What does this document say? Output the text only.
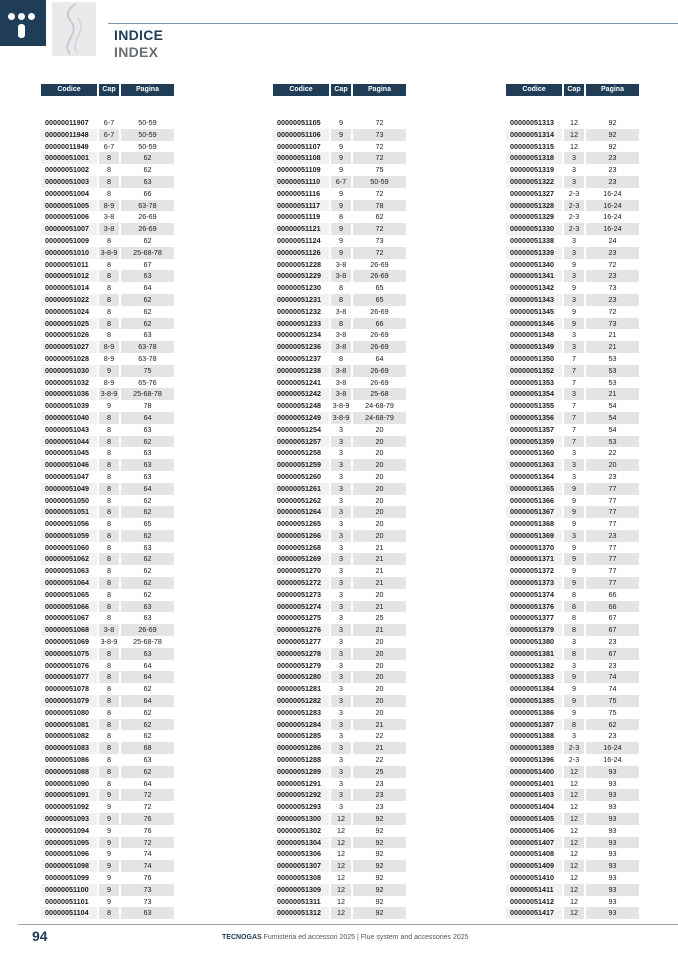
INDICE
INDEX
Codice	Cap	Pagina
00000011907	6-7	50-59
00000011948	6-7	50-59
00000011949	6-7	50-59
00000051001	8	62
00000051002	8	62
00000051003	8	63
00000051004	8	66
00000051005	8-9	63-78
00000051006	3-8	26-69
00000051007	3-8	26-69
00000051009	8	62
00000051010	3-8-9	25-68-78
00000051011	8	67
00000051012	8	63
00000051014	8	64
00000051022	8	62
00000051024	8	62
00000051025	8	62
00000051026	8	63
00000051027	8-9	63-78
00000051028	8-9	63-78
00000051030	9	75
00000051032	8-9	65-76
00000051036	3-8-9	25-68-78
00000051039	9	78
00000051040	8	64
00000051043	8	63
00000051044	8	62
00000051045	8	63
00000051046	8	63
00000051047	8	63
00000051049	8	64
00000051050	8	62
00000051051	8	62
00000051056	8	65
00000051059	8	62
00000051060	8	63
00000051062	8	62
00000051063	8	62
00000051064	8	62
00000051065	8	62
00000051066	8	63
00000051067	8	63
00000051068	3-8	26-69
00000051069	3-8-9	25-68-78
00000051075	8	63
00000051076	8	64
00000051077	8	64
00000051078	8	62
00000051079	8	64
00000051080	8	62
00000051081	8	62
00000051082	8	62
00000051083	8	68
00000051086	8	63
00000051088	8	62
00000051090	8	64
00000051091	9	72
00000051092	9	72
00000051093	9	76
00000051094	9	76
00000051095	9	72
00000051096	9	74
00000051098	9	74
00000051099	9	76
00000051100	9	73
00000051101	9	73
00000051104	8	63
Codice	Cap	Pagina
00000051105	9	72
00000051106	9	73
00000051107	9	72
00000051108	9	72
00000051109	9	75
00000051110	6-7	50-59
00000051116	9	72
00000051117	9	78
00000051119	8	62
00000051121	9	72
00000051124	9	73
00000051126	9	72
00000051228	3-8	26-69
00000051229	3-8	26-69
00000051230	8	65
00000051231	8	65
00000051232	3-8	26-69
00000051233	8	66
00000051234	3-8	26-69
00000051236	3-8	26-69
00000051237	8	64
00000051238	3-8	26-69
00000051241	3-8	26-69
00000051242	3-8	25-68
00000051248	3-8-9	24-68-79
00000051249	3-8-9	24-68-79
00000051254	3	20
00000051257	3	20
00000051258	3	20
00000051259	3	20
00000051260	3	20
00000051261	3	20
00000051262	3	20
00000051264	3	20
00000051265	3	20
00000051266	3	20
00000051268	3	21
00000051269	3	21
00000051270	3	21
00000051272	3	21
00000051273	3	20
00000051274	3	21
00000051275	3	25
00000051276	3	21
00000051277	3	20
00000051278	3	20
00000051279	3	20
00000051280	3	20
00000051281	3	20
00000051282	3	20
00000051283	3	20
00000051284	3	21
00000051285	3	22
00000051286	3	21
00000051288	3	22
00000051289	3	25
00000051291	3	23
00000051292	3	23
00000051293	3	23
00000051300	12	92
00000051302	12	92
00000051304	12	92
00000051306	12	92
00000051307	12	92
00000051308	12	92
00000051309	12	92
00000051311	12	92
00000051312	12	92
Codice	Cap	Pagina
00000051313	12	92
00000051314	12	92
00000051315	12	92
00000051318	3	23
00000051319	3	23
00000051322	3	23
00000051327	2-3	16-24
00000051328	2-3	16-24
00000051329	2-3	16-24
00000051330	2-3	16-24
00000051338	3	24
00000051339	3	23
00000051340	9	72
00000051341	3	23
00000051342	9	73
00000051343	3	23
00000051345	9	72
00000051346	9	73
00000051348	3	21
00000051349	3	21
00000051350	7	53
00000051352	7	53
00000051353	7	53
00000051354	3	21
00000051355	7	54
00000051356	7	54
00000051357	7	54
00000051359	7	53
00000051360	3	22
00000051363	3	20
00000051364	3	23
00000051365	9	77
00000051366	9	77
00000051367	9	77
00000051368	9	77
00000051369	3	23
00000051370	9	77
00000051371	9	77
00000051372	9	77
00000051373	9	77
00000051374	8	66
00000051376	8	66
00000051377	8	67
00000051379	8	67
00000051380	3	23
00000051381	8	67
00000051382	3	23
00000051383	9	74
00000051384	9	74
00000051385	9	75
00000051386	9	75
00000051387	8	62
00000051388	3	23
00000051389	2-3	16-24
00000051396	2-3	16-24
00000051400	12	93
00000051401	12	93
00000051403	12	93
00000051404	12	93
00000051405	12	93
00000051406	12	93
00000051407	12	93
00000051408	12	93
00000051409	12	93
00000051410	12	93
00000051411	12	93
00000051412	12	93
00000051417	12	93
94	TECNOGAS Fumisteria ed accessori 2025 | Flue system and accessories 2025
